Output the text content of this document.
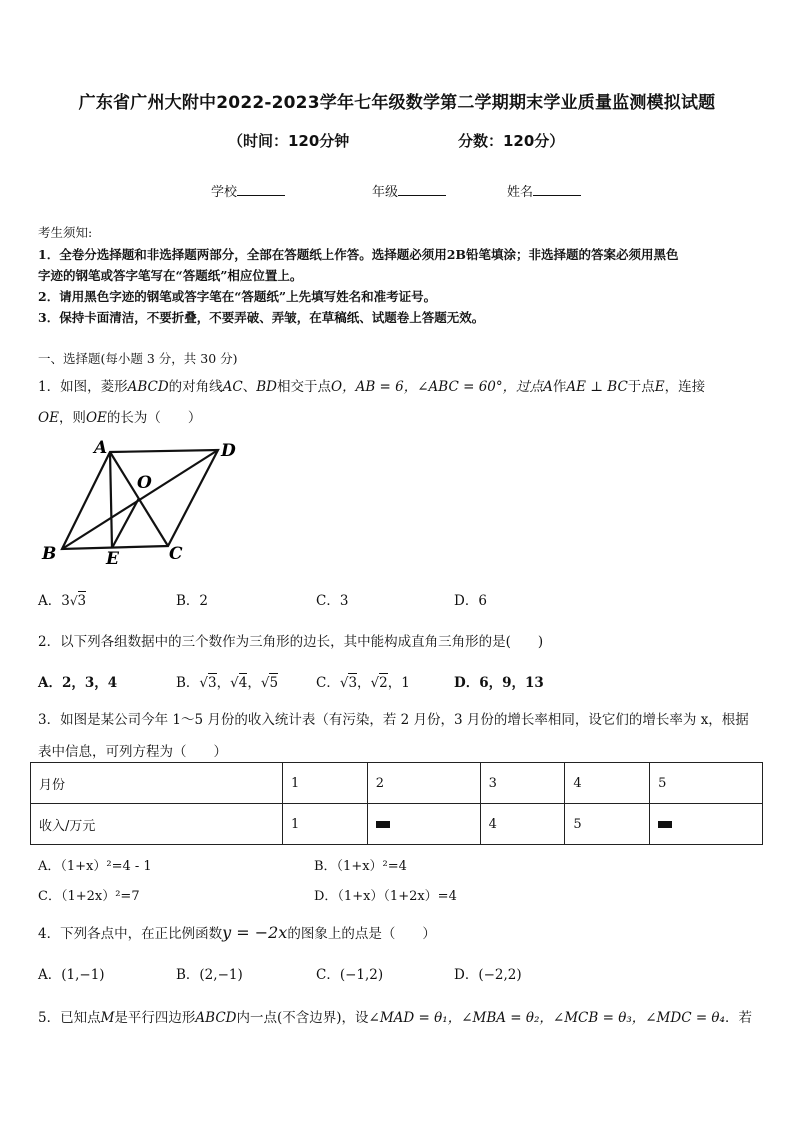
广东省广州大附中2022-2023学年七年级数学第二学期期末学业质量监测模拟试题
（时间：120分钟	分数：120分）
学校	年级	姓名
考生须知:
1．全卷分选择题和非选择题两部分，全部在答题纸上作答。选择题必须用2B铅笔填涂；非选择题的答案必须用黑色
字迹的钢笔或答字笔写在“答题纸”相应位置上。
2．请用黑色字迹的钢笔或答字笔在“答题纸”上先填写姓名和准考证号。
3．保持卡面清洁，不要折叠，不要弄破、弄皱，在草稿纸、试题卷上答题无效。
一、选择题(每小题 3 分，共 30 分)
1．如图，菱形ABCD的对角线AC、BD相交于点O，AB = 6，∠ABC = 60°，过点A作AE ⊥ BC于点E，连接
OE，则OE的长为（　　）
A	D
O
B	E	C
A．3√3	B．2	C．3	D．6
2．以下列各组数据中的三个数作为三角形的边长，其中能构成直角三角形的是(　　)
A．2，3，4	B．√3，√4，√5	C．√3，√2，1	D．6，9，13
3．如图是某公司今年 1～5 月份的收入统计表（有污染，若 2 月份，3 月份的增长率相同，设它们的增长率为 x，根据
表中信息，可列方程为（　　）
月份	1	2	3	4	5
收入/万元	1		4	5	
A．（1+x）²=4 - 1	B．（1+x）²=4
C．（1+2x）²=7	D．（1+x）（1+2x）=4
4．下列各点中，在正比例函数y = −2x的图象上的点是（　　）
A．(1,−1)	B．(2,−1)	C．(−1,2)	D．(−2,2)
5．已知点M是平行四边形ABCD内一点(不含边界)，设∠MAD = θ₁，∠MBA = θ₂，∠MCB = θ₃，∠MDC = θ₄．若
